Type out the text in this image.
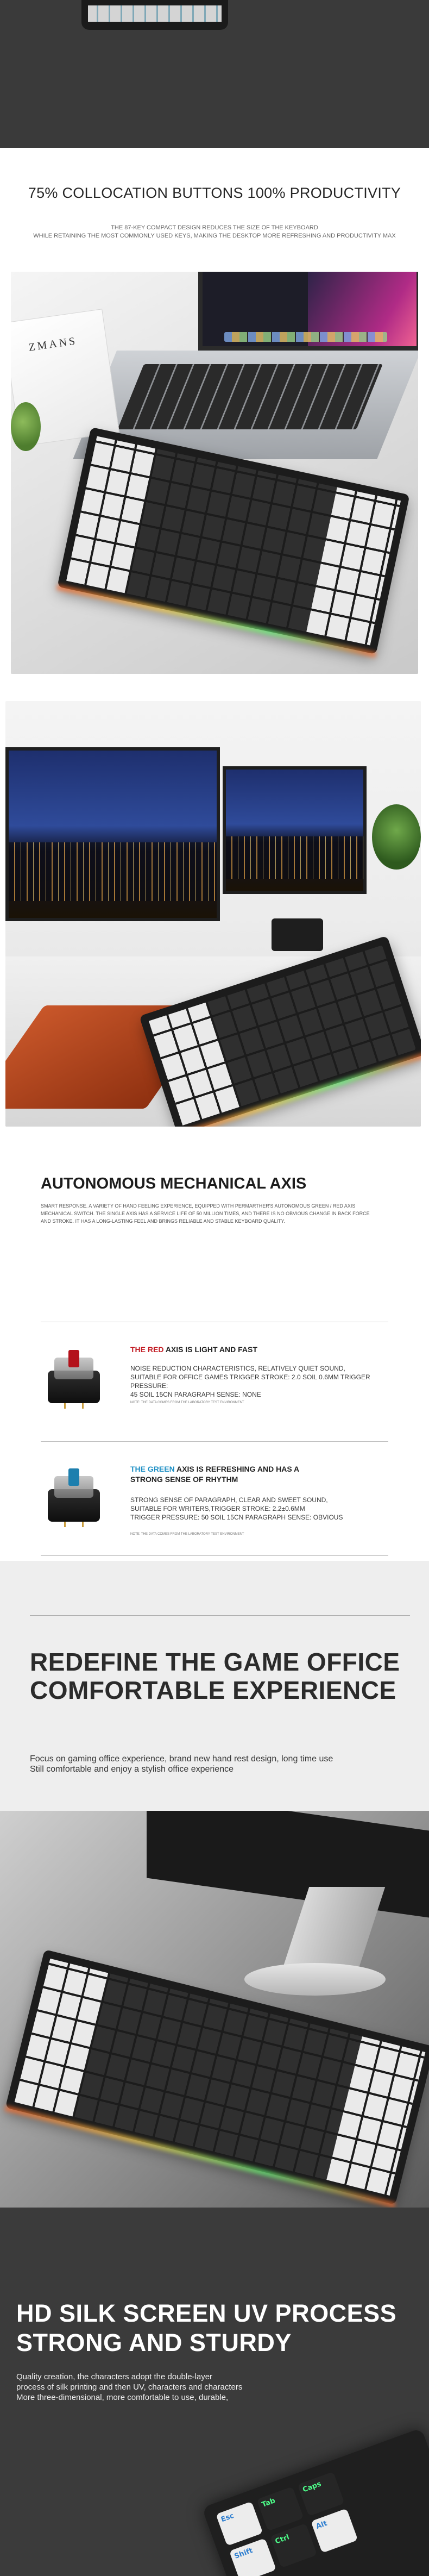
75% COLLOCATION BUTTONS 100% PRODUCTIVITY

THE 87-KEY COMPACT DESIGN REDUCES THE SIZE OF THE KEYBOARD

WHILE RETAINING THE MOST COMMONLY USED KEYS, MAKING THE DESKTOP MORE REFRESHING AND PRODUCTIVITY MAX

ZMANS
AUTONOMOUS MECHANICAL AXIS

SMART RESPONSE. A VARIETY OF HAND FEELING EXPERIENCE, EQUIPPED WITH PERMARTHER'S AUTONOMOUS GREEN / RED AXIS MECHANICAL SWITCH. THE SINGLE AXIS HAS A SERVICE LIFE OF 50 MILLION TIMES, AND THERE IS NO OBVIOUS CHANGE IN BACK FORCE AND STROKE. IT HAS A LONG-LASTING FEEL AND BRINGS RELIABLE AND STABLE KEYBOARD QUALITY.

THE RED AXIS IS LIGHT AND FAST
NOISE REDUCTION CHARACTERISTICS, RELATIVELY QUIET SOUND,
SUITABLE FOR OFFICE GAMES TRIGGER STROKE: 2.0 SOIL 0.6MM TRIGGER PRESSURE:
45 SOIL 15CN PARAGRAPH SENSE: NONE
NOTE: THE DATA COMES FROM THE LABORATORY TEST ENVIRONMENT
THE GREEN AXIS IS REFRESHING AND HAS A
STRONG SENSE OF RHYTHM
STRONG SENSE OF PARAGRAPH, CLEAR AND SWEET SOUND,
SUITABLE FOR WRITERS,TRIGGER STROKE: 2.2±0.6MM
TRIGGER PRESSURE: 50 SOIL 15CN PARAGRAPH SENSE: OBVIOUS
NOTE: THE DATA COMES FROM THE LABORATORY TEST ENVIRONMENT
REDEFINE THE GAME OFFICE
COMFORTABLE EXPERIENCE
Focus on gaming office experience, brand new hand rest design, long time use
Still comfortable and enjoy a stylish office experience
HD SILK SCREEN UV PROCESS
STRONG AND STURDY
Quality creation, the characters adopt the double-layer
process of silk printing and then UV, characters and characters
More three-dimensional, more comfortable to use, durable,
Esc
Tab
Caps
Shift
Ctrl
Alt
